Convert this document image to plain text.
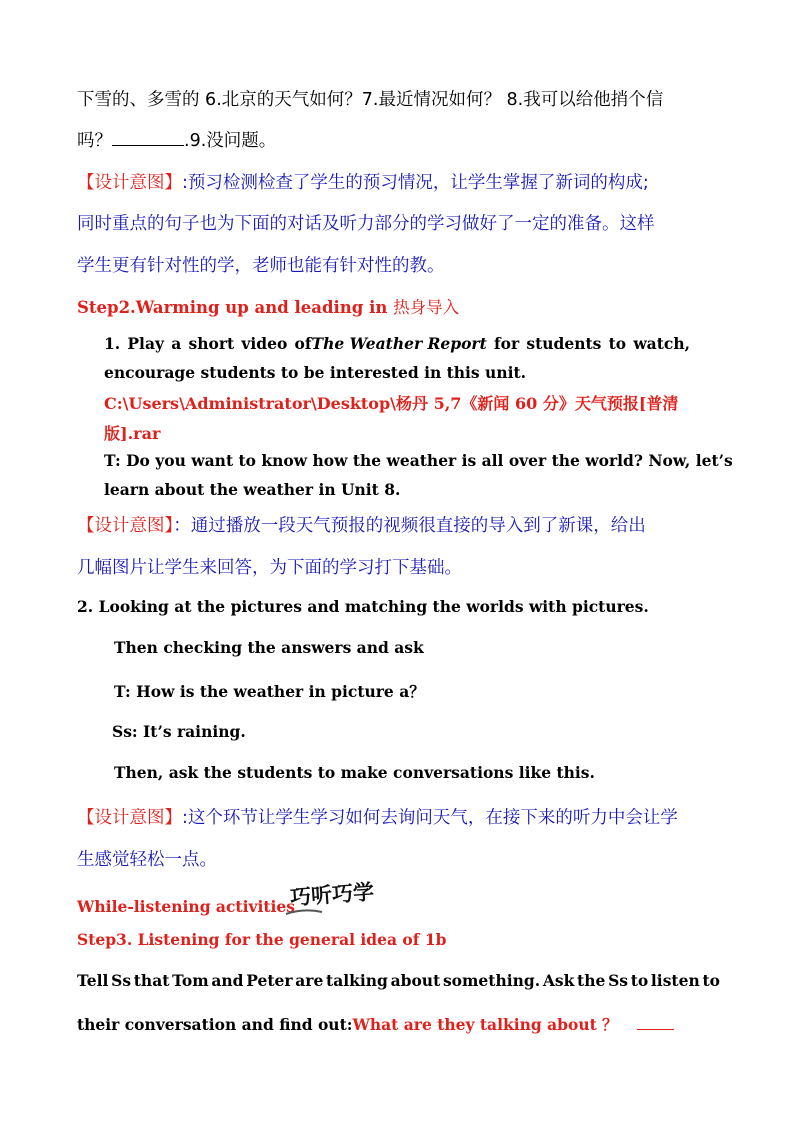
下雪的、多雪的 6.北京的天气如何？7.最近情况如何？ 8.我可以给他捎个信
吗？	.9.没问题。
【设计意图】:预习检测检查了学生的预习情况，让学生掌握了新词的构成;
同时重点的句子也为下面的对话及听力部分的学习做好了一定的准备。这样
学生更有针对性的学，老师也能有针对性的教。
Step2.Warming up and leading in 热身导入
1. Play a short video ofThe Weather Report for students to watch,
encourage students to be interested in this unit.
C:\Users\Administrator\Desktop\杨丹 5,7《新闻 60 分》天气预报[普清
版].rar
T: Do you want to know how the weather is all over the world? Now, let’s
learn about the weather in Unit 8.
【设计意图】：通过播放一段天气预报的视频很直接的导入到了新课，给出
几幅图片让学生来回答，为下面的学习打下基础。
2. Looking at the pictures and matching the worlds with pictures.
Then checking the answers and ask
T: How is the weather in picture a？
Ss: It’s raining.
Then, ask the students to make conversations like this.
【设计意图】:这个环节让学生学习如何去询问天气，在接下来的听力中会让学
生感觉轻松一点。
While-listening activities
巧听巧学
Step3. Listening for the general idea of 1b
Tell Ss that Tom and Peter are talking about something. Ask the Ss to listen to
their conversation and find out:What are they talking about ？
